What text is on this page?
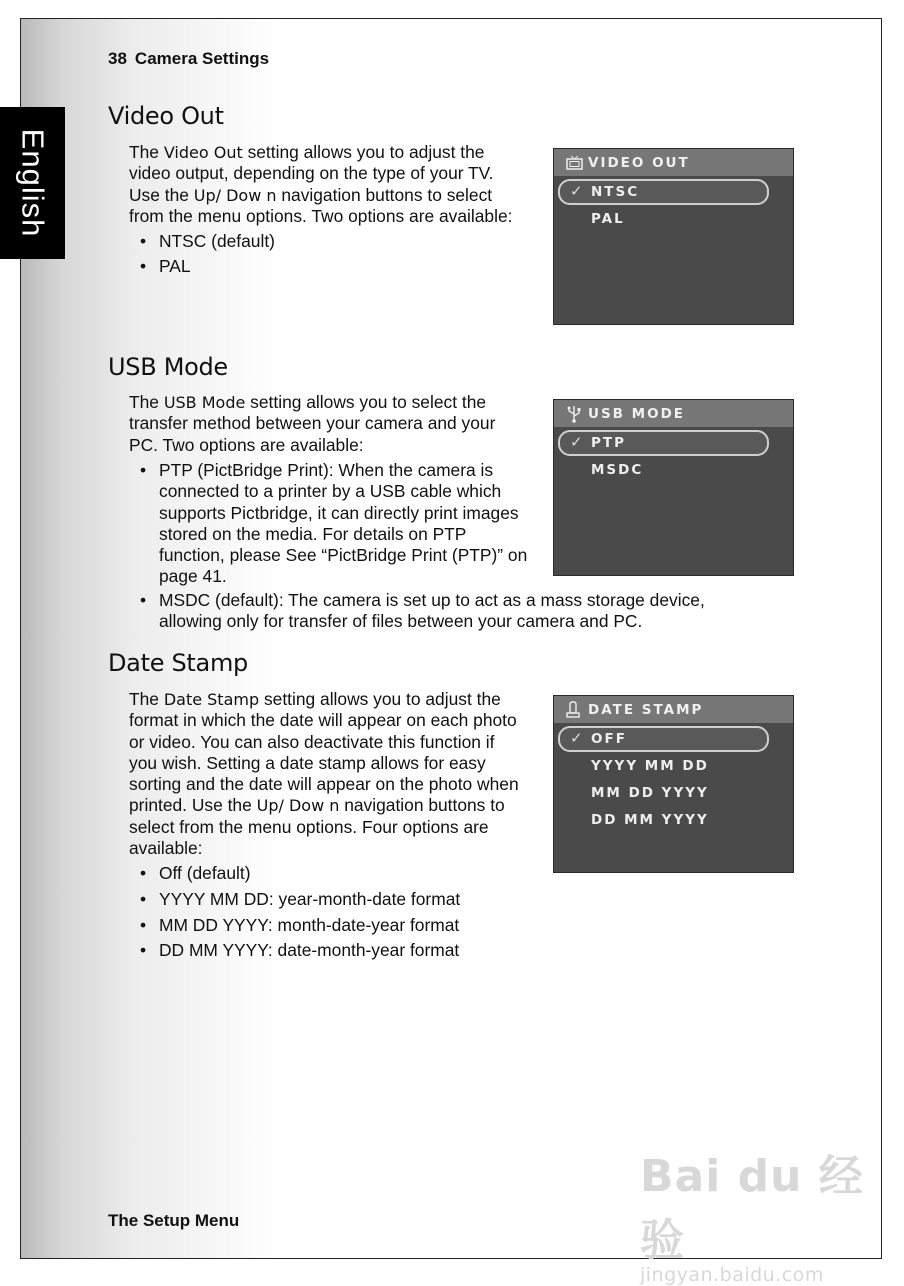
English
38 Camera Settings
Video Out

The Video Out setting allows you to adjust the
video output, depending on the type of your TV.
Use the Up/ Dow n navigation buttons to select
from the menu options. Two options are available:

• NTSC (default)
• PAL
VIDEO OUT
✓ NTSC
PAL
USB Mode

The USB Mode setting allows you to select the
transfer method between your camera and your
PC. Two options are available:

• PTP (PictBridge Print): When the camera is
connected to a printer by a USB cable which
supports Pictbridge, it can directly print images
stored on the media. For details on PTP
function, please See “PictBridge Print (PTP)” on
page 41.
• MSDC (default): The camera is set up to act as a mass storage device,
allowing only for transfer of files between your camera and PC.
USB MODE
✓ PTP
MSDC
Date Stamp

The Date Stamp setting allows you to adjust the
format in which the date will appear on each photo
or video. You can also deactivate this function if
you wish. Setting a date stamp allows for easy
sorting and the date will appear on the photo when
printed. Use the Up/ Dow n navigation buttons to
select from the menu options. Four options are
available:

• Off (default)
• YYYY MM DD: year-month-date format
• MM DD YYYY: month-date-year format
• DD MM YYYY: date-month-year format
DATE STAMP
✓ OFF
YYYY MM DD
MM DD YYYY
DD MM YYYY
The Setup Menu
Bai du 经验
jingyan.baidu.com
